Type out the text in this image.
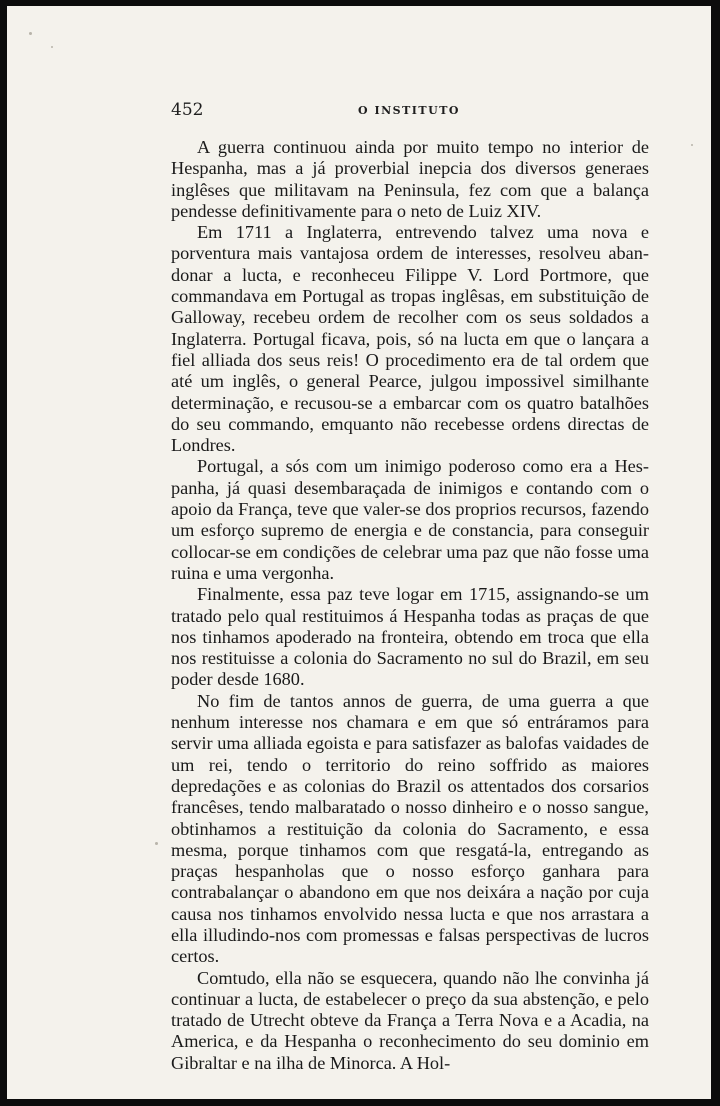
452	O INSTITUTO

A guerra continuou ainda por muito tempo no interior de Hespanha, mas a já proverbial inepcia dos diversos generaes inglêses que militavam na Peninsula, fez com que a balança pendesse definitivamente para o neto de Luiz XIV.

Em 1711 a Inglaterra, entrevendo talvez uma nova e porventura mais vantajosa ordem de interesses, resolveu abandonar a lucta, e reconheceu Filippe V. Lord Portmore, que commandava em Portugal as tropas inglêsas, em substituição de Galloway, recebeu ordem de recolher com os seus soldados a Inglaterra. Portugal ficava, pois, só na lucta em que o lançara a fiel alliada dos seus reis! O procedimento era de tal ordem que até um inglês, o general Pearce, julgou impossivel similhante determinação, e recusou-se a embarcar com os quatro batalhões do seu commando, emquanto não recebesse ordens directas de Londres.

Portugal, a sós com um inimigo poderoso como era a Hespanha, já quasi desembaraçada de inimigos e contando com o apoio da França, teve que valer-se dos proprios recursos, fazendo um esforço supremo de energia e de constancia, para conseguir collocar-se em condições de celebrar uma paz que não fosse uma ruina e uma vergonha.

Finalmente, essa paz teve logar em 1715, assignando-se um tratado pelo qual restituimos á Hespanha todas as praças de que nos tinhamos apoderado na fronteira, obtendo em troca que ella nos restituisse a colonia do Sacramento no sul do Brazil, em seu poder desde 1680.

No fim de tantos annos de guerra, de uma guerra a que nenhum interesse nos chamara e em que só entráramos para servir uma alliada egoista e para satisfazer as balofas vaidades de um rei, tendo o territorio do reino soffrido as maiores depredações e as colonias do Brazil os attentados dos corsarios francêses, tendo malbaratado o nosso dinheiro e o nosso sangue, obtinhamos a restituição da colonia do Sacramento, e essa mesma, porque tinhamos com que resgatá-la, entregando as praças hespanholas que o nosso esforço ganhara para contrabalançar o abandono em que nos deixára a nação por cuja causa nos tinhamos envolvido nessa lucta e que nos arrastara a ella illudindo-nos com promessas e falsas perspectivas de lucros certos.

Comtudo, ella não se esquecera, quando não lhe convinha já continuar a lucta, de estabelecer o preço da sua abstenção, e pelo tratado de Utrecht obteve da França a Terra Nova e a Acadia, na America, e da Hespanha o reconhecimento do seu dominio em Gibraltar e na ilha de Minorca. A Hol-
